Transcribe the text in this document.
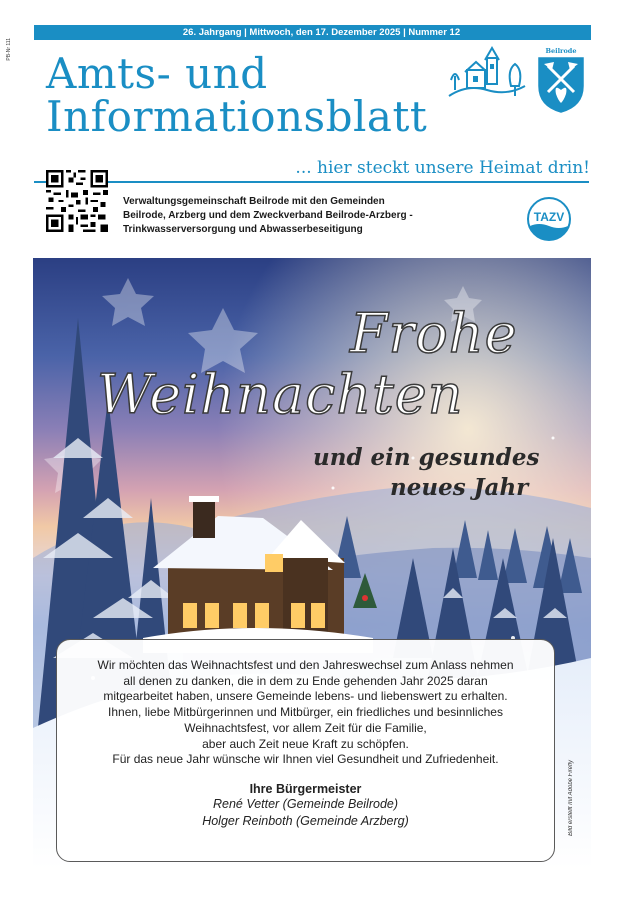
PB-Nr 111
26. Jahrgang | Mittwoch, den 17. Dezember 2025 | Nummer 12
Amts- und
Informationsblatt
Beilrode
... hier steckt unsere Heimat drin!
Verwaltungsgemeinschaft Beilrode mit den Gemeinden
Beilrode, Arzberg und dem Zweckverband Beilrode-Arzberg -
Trinkwasserversorgung und Abwasserbeseitigung
TAZV
Frohe
Weihnachten
und ein gesundes
neues Jahr
Wir möchten das Weihnachtsfest und den Jahreswechsel zum Anlass nehmen
all denen zu danken, die in dem zu Ende gehenden Jahr 2025 daran
mitgearbeitet haben, unsere Gemeinde lebens- und liebenswert zu erhalten.
Ihnen, liebe Mitbürgerinnen und Mitbürger, ein friedliches und besinnliches
Weihnachtsfest, vor allem Zeit für die Familie,
aber auch Zeit neue Kraft zu schöpfen.
Für das neue Jahr wünsche wir Ihnen viel Gesundheit und Zufriedenheit.
Ihre Bürgermeister
René Vetter (Gemeinde Beilrode)
Holger Reinboth (Gemeinde Arzberg)	Bild erstellt mit Adobe Firefly
